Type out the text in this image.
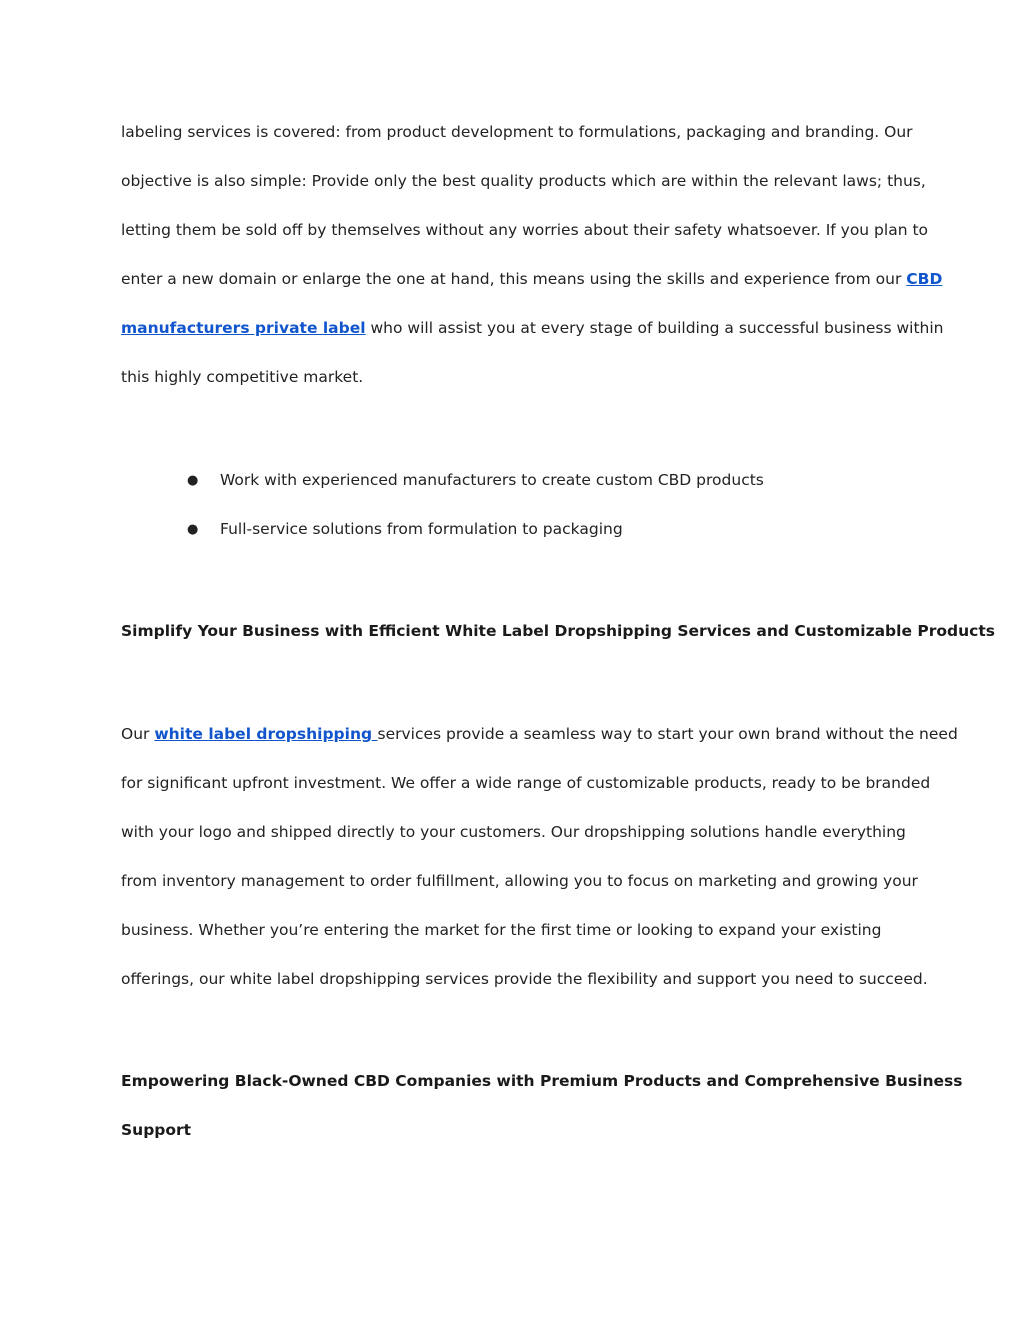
labeling services is covered: from product development to formulations, packaging and branding. Our
objective is also simple: Provide only the best quality products which are within the relevant laws; thus,
letting them be sold off by themselves without any worries about their safety whatsoever. If you plan to
enter a new domain or enlarge the one at hand, this means using the skills and experience from our CBD
manufacturers private label who will assist you at every stage of building a successful business within
this highly competitive market.
● Work with experienced manufacturers to create custom CBD products
● Full-service solutions from formulation to packaging
Simplify Your Business with Efficient White Label Dropshipping Services and Customizable Products
Our white label dropshipping services provide a seamless way to start your own brand without the need
for significant upfront investment. We offer a wide range of customizable products, ready to be branded
with your logo and shipped directly to your customers. Our dropshipping solutions handle everything
from inventory management to order fulfillment, allowing you to focus on marketing and growing your
business. Whether you’re entering the market for the first time or looking to expand your existing
offerings, our white label dropshipping services provide the flexibility and support you need to succeed.
Empowering Black-Owned CBD Companies with Premium Products and Comprehensive Business
Support
